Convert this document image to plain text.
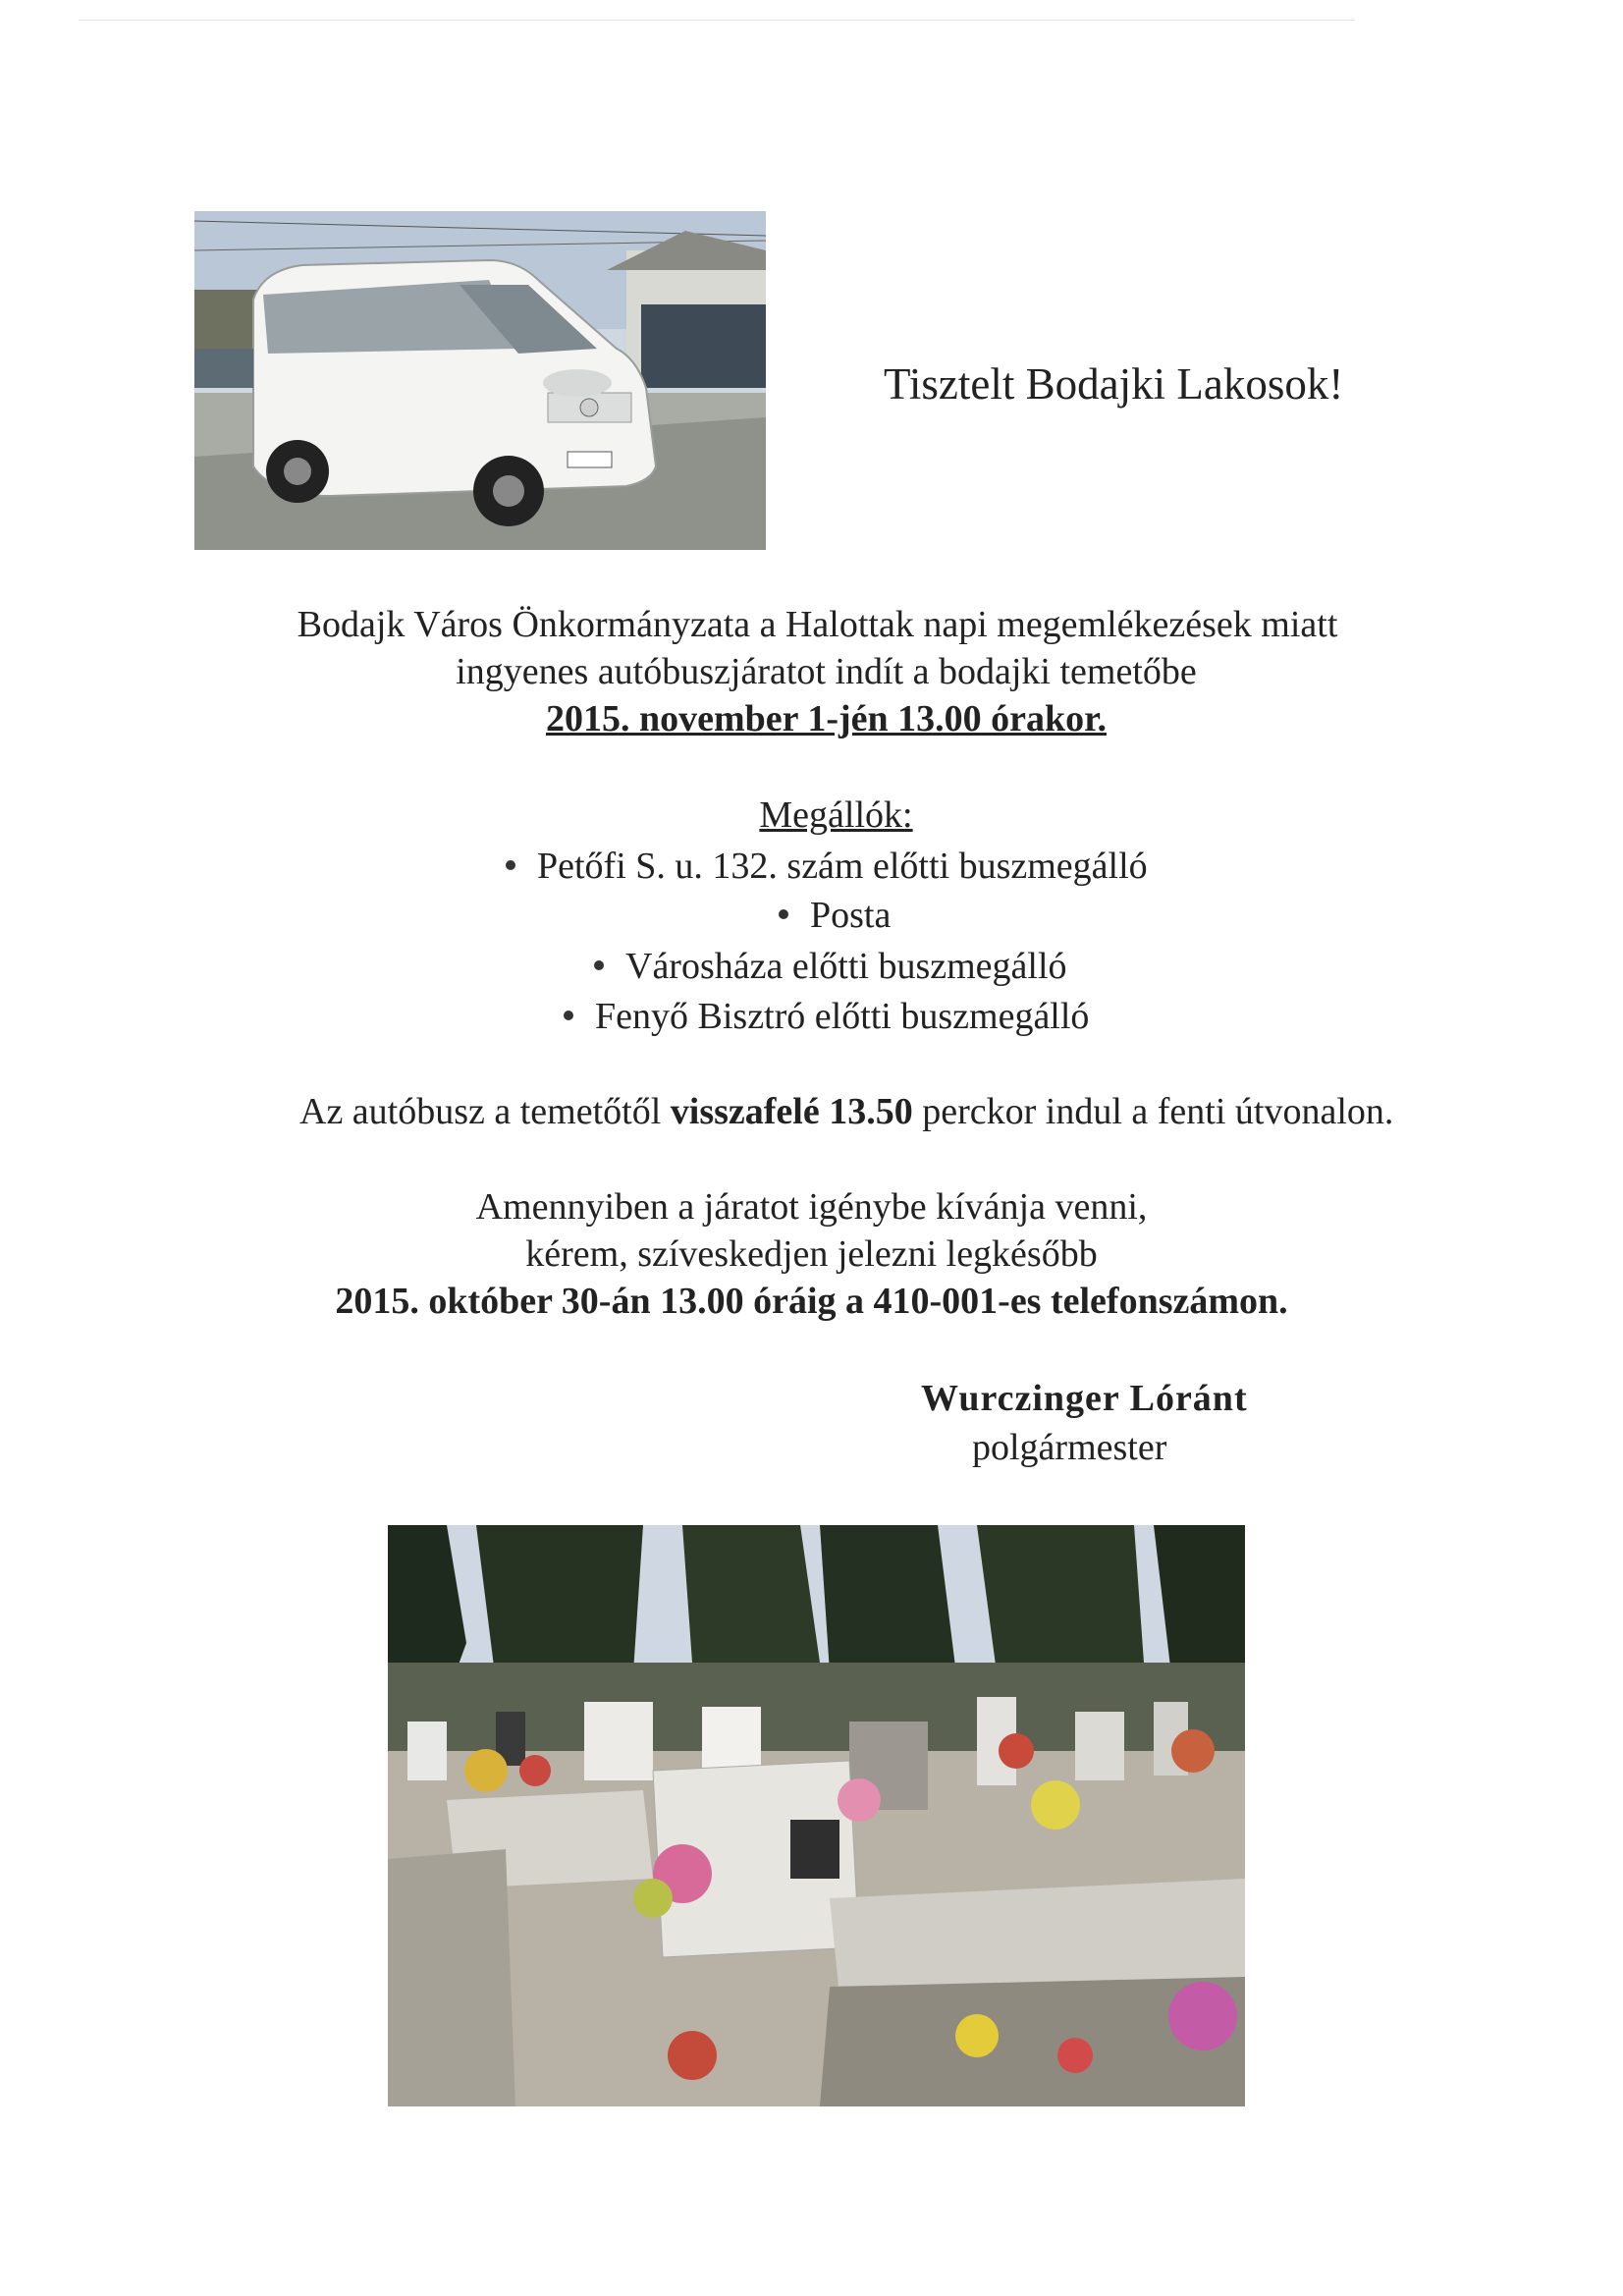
Tisztelt Bodajki Lakosok!
Bodajk Város Önkormányzata a Halottak napi megemlékezések miatt
ingyenes autóbuszjáratot indít a bodajki temetőbe
2015. november 1-jén 13.00 órakor.
Megállók:
Petőfi S. u. 132. szám előtti buszmegálló
Posta
Városháza előtti buszmegálló
Fenyő Bisztró előtti buszmegálló
Az autóbusz a temetőtől visszafelé 13.50 perckor indul a fenti útvonalon.
Amennyiben a járatot igénybe kívánja venni,
kérem, szíveskedjen jelezni legkésőbb
2015. október 30-án 13.00 óráig a 410-001-es telefonszámon.
Wurczinger Lóránt
polgármester
